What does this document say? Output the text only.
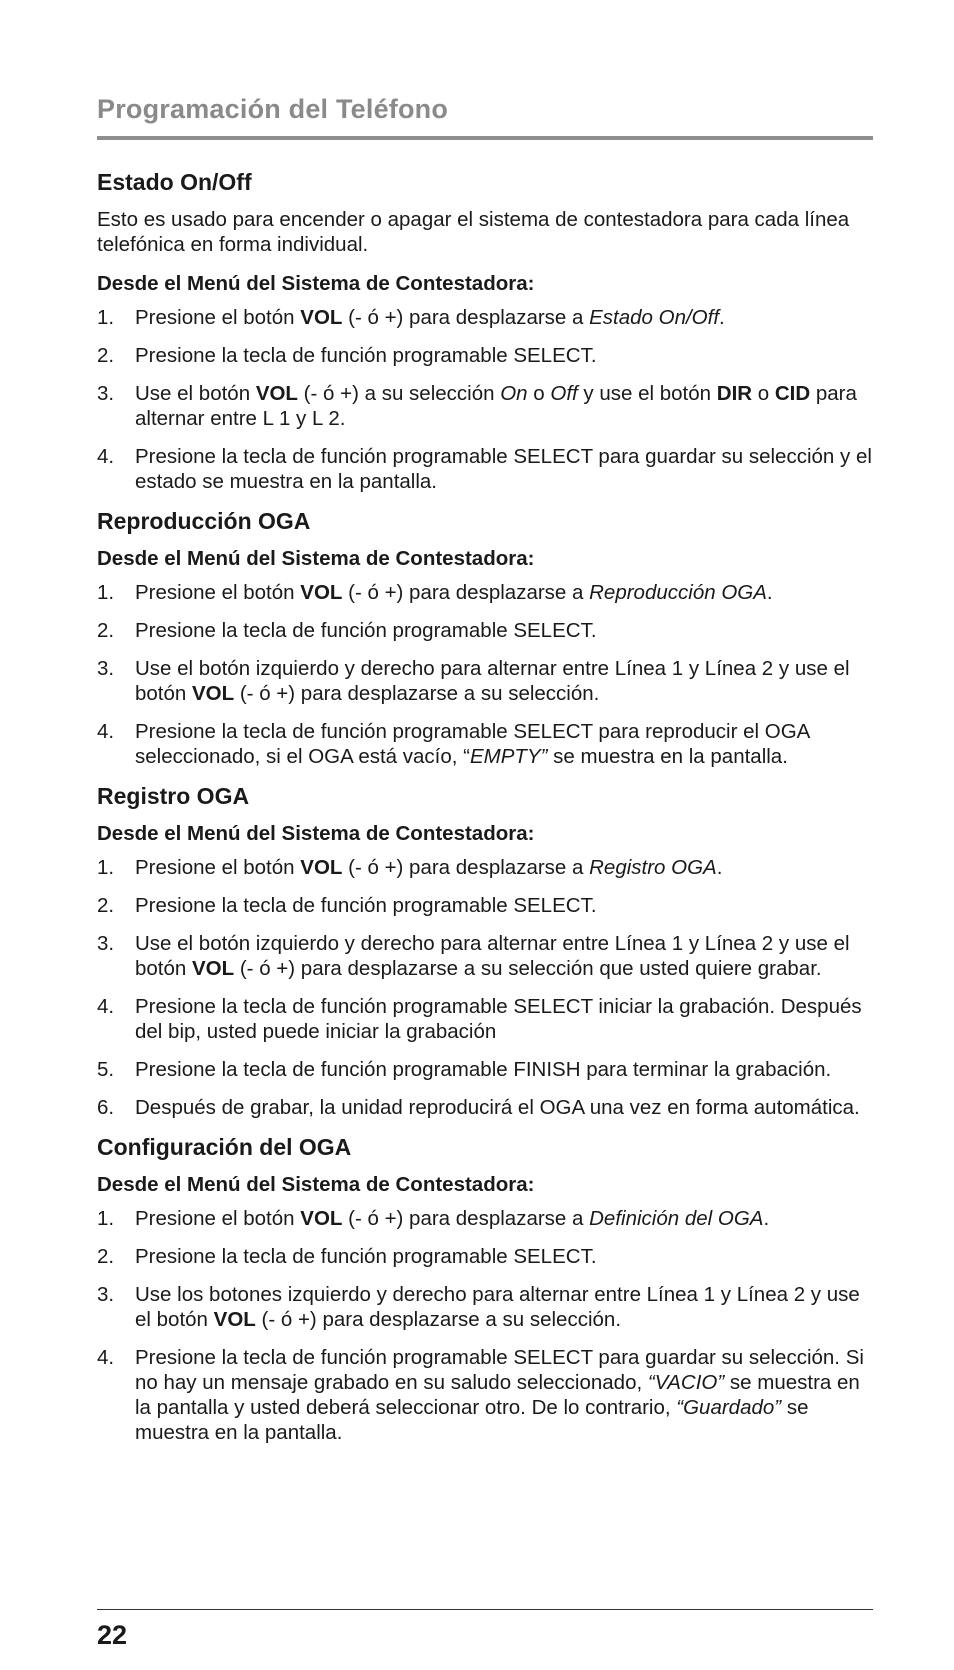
Programación del Teléfono
Estado On/Off
Esto es usado para encender o apagar el sistema de contestadora para cada línea telefónica en forma individual.
Desde el Menú del Sistema de Contestadora:
1. Presione el botón VOL (- ó +) para desplazarse a Estado On/Off.
2. Presione la tecla de función programable SELECT.
3. Use el botón VOL (- ó +) a su selección On o Off y use el botón DIR o CID para alternar entre L 1 y L 2.
4. Presione la tecla de función programable SELECT para guardar su selección y el estado se muestra en la pantalla.
Reproducción OGA
Desde el Menú del Sistema de Contestadora:
1. Presione el botón VOL (- ó +) para desplazarse a Reproducción OGA.
2. Presione la tecla de función programable SELECT.
3. Use el botón izquierdo y derecho para alternar entre Línea 1 y Línea 2 y use el botón VOL (- ó +) para desplazarse a su selección.
4. Presione la tecla de función programable SELECT para reproducir el OGA seleccionado, si el OGA está vacío, “EMPTY” se muestra en la pantalla.
Registro OGA
Desde el Menú del Sistema de Contestadora:
1. Presione el botón VOL (- ó +) para desplazarse a Registro OGA.
2. Presione la tecla de función programable SELECT.
3. Use el botón izquierdo y derecho para alternar entre Línea 1 y Línea 2 y use el botón VOL (- ó +) para desplazarse a su selección que usted quiere grabar.
4. Presione la tecla de función programable SELECT iniciar la grabación. Después del bip, usted puede iniciar la grabación
5. Presione la tecla de función programable FINISH para terminar la grabación.
6. Después de grabar, la unidad reproducirá el OGA una vez en forma automática.
Configuración del OGA
Desde el Menú del Sistema de Contestadora:
1. Presione el botón VOL (- ó +) para desplazarse a Definición del OGA.
2. Presione la tecla de función programable SELECT.
3. Use los botones izquierdo y derecho para alternar entre Línea 1 y Línea 2 y use el botón VOL (- ó +) para desplazarse a su selección.
4. Presione la tecla de función programable SELECT para guardar su selección. Si no hay un mensaje grabado en su saludo seleccionado, “VACIO” se muestra en la pantalla y usted deberá seleccionar otro. De lo contrario, “Guardado” se muestra en la pantalla.
22
